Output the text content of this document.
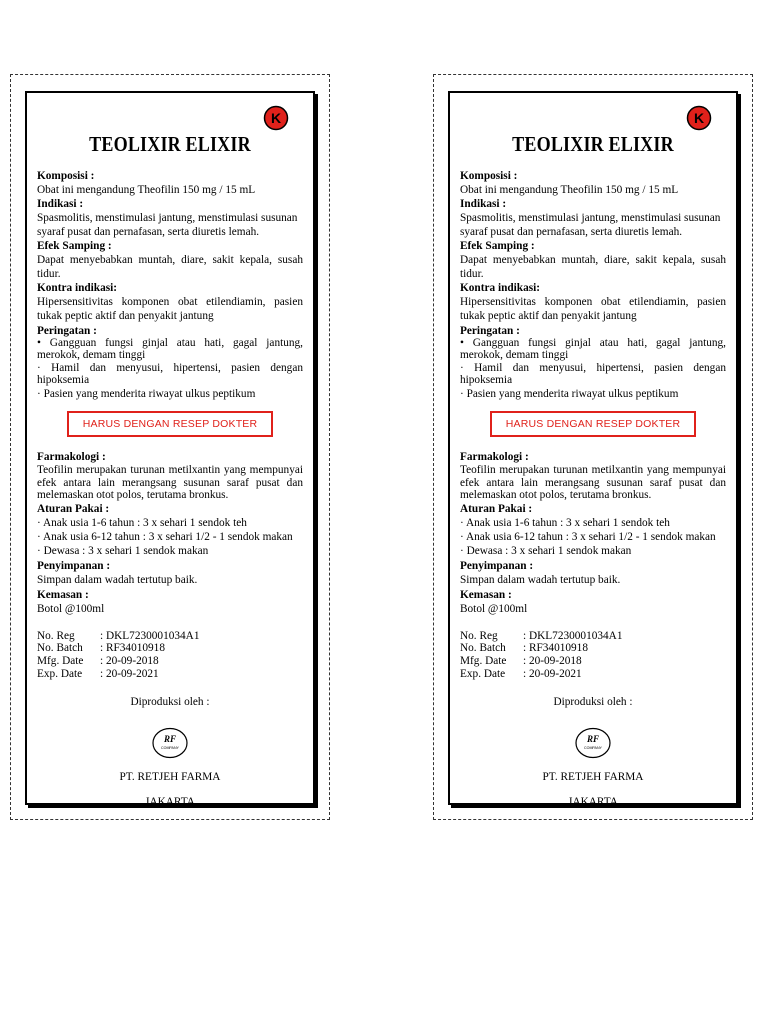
K
TEOLIXIR ELIXIR

Komposisi :

Obat ini mengandung Theofilin 150 mg / 15 mL

Indikasi :

Spasmolitis, menstimulasi jantung, menstimulasi susunan syaraf pusat dan pernafasan, serta diuretis lemah.

Efek Samping :

Dapat menyebabkan muntah, diare, sakit kepala, susah tidur.

Kontra indikasi:

Hipersensitivitas komponen obat etilendiamin, pasien tukak peptic aktif dan penyakit jantung

Peringatan :

• Gangguan fungsi ginjal atau hati, gagal jantung, merokok, demam tinggi

· Hamil dan menyusui, hipertensi, pasien dengan hipoksemia

· Pasien yang menderita riwayat ulkus peptikum

HARUS DENGAN RESEP DOKTER

Farmakologi :

Teofilin merupakan turunan metilxantin yang mempunyai efek antara lain merangsang susunan saraf pusat dan melemaskan otot polos, terutama bronkus.

Aturan Pakai :

· Anak usia 1-6 tahun : 3 x sehari 1 sendok teh

· Anak usia 6-12 tahun : 3 x sehari 1/2 - 1 sendok makan

· Dewasa : 3 x sehari 1 sendok makan

Penyimpanan :

Simpan dalam wadah tertutup baik.

Kemasan :

Botol @100ml

No. Reg	: DKL7230001034A1
No. Batch	: RF34010918
Mfg. Date	: 20-09-2018
Exp. Date	: 20-09-2021

Diproduksi oleh :

RF
COMPANY

PT. RETJEH FARMA

JAKARTA

K
TEOLIXIR ELIXIR

Komposisi :

Obat ini mengandung Theofilin 150 mg / 15 mL

Indikasi :

Spasmolitis, menstimulasi jantung, menstimulasi susunan syaraf pusat dan pernafasan, serta diuretis lemah.

Efek Samping :

Dapat menyebabkan muntah, diare, sakit kepala, susah tidur.

Kontra indikasi:

Hipersensitivitas komponen obat etilendiamin, pasien tukak peptic aktif dan penyakit jantung

Peringatan :

• Gangguan fungsi ginjal atau hati, gagal jantung, merokok, demam tinggi

· Hamil dan menyusui, hipertensi, pasien dengan hipoksemia

· Pasien yang menderita riwayat ulkus peptikum

HARUS DENGAN RESEP DOKTER

Farmakologi :

Teofilin merupakan turunan metilxantin yang mempunyai efek antara lain merangsang susunan saraf pusat dan melemaskan otot polos, terutama bronkus.

Aturan Pakai :

· Anak usia 1-6 tahun : 3 x sehari 1 sendok teh

· Anak usia 6-12 tahun : 3 x sehari 1/2 - 1 sendok makan

· Dewasa : 3 x sehari 1 sendok makan

Penyimpanan :

Simpan dalam wadah tertutup baik.

Kemasan :

Botol @100ml

No. Reg	: DKL7230001034A1
No. Batch	: RF34010918
Mfg. Date	: 20-09-2018
Exp. Date	: 20-09-2021

Diproduksi oleh :

RF
COMPANY

PT. RETJEH FARMA

JAKARTA
